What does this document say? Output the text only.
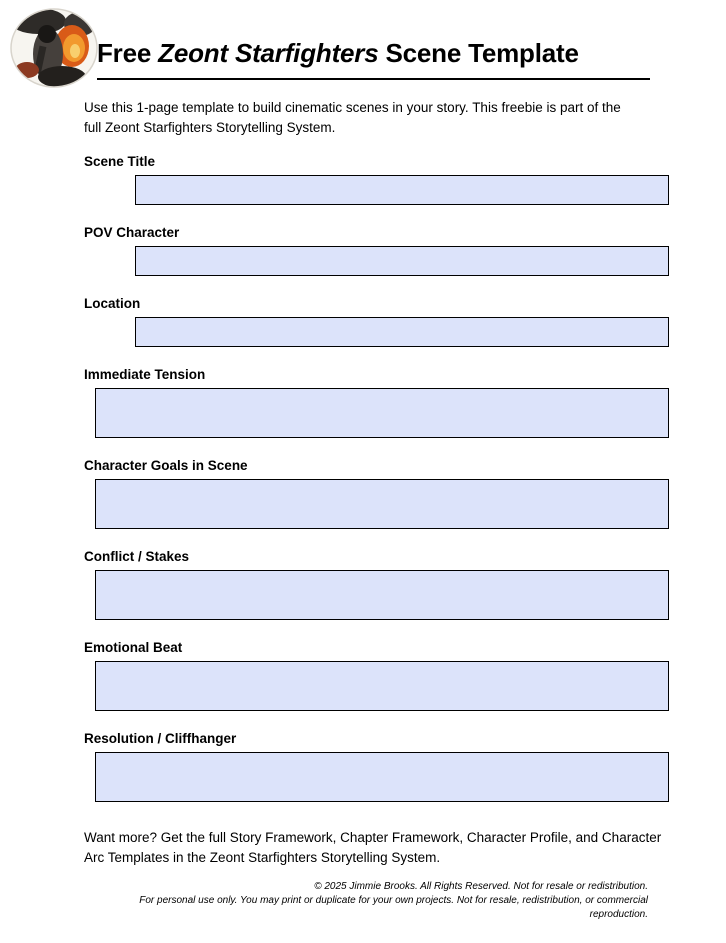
Free Zeont Starfighters Scene Template

Use this 1-page template to build cinematic scenes in your story. This freebie is part of the full Zeont Starfighters Storytelling System.

Scene Title
POV Character
Location
Immediate Tension
Character Goals in Scene
Conflict / Stakes
Emotional Beat
Resolution / Cliffhanger

Want more? Get the full Story Framework, Chapter Framework, Character Profile, and Character Arc Templates in the Zeont Starfighters Storytelling System.

© 2025 Jimmie Brooks. All Rights Reserved. Not for resale or redistribution.

For personal use only. You may print or duplicate for your own projects. Not for resale, redistribution, or commercial reproduction.
